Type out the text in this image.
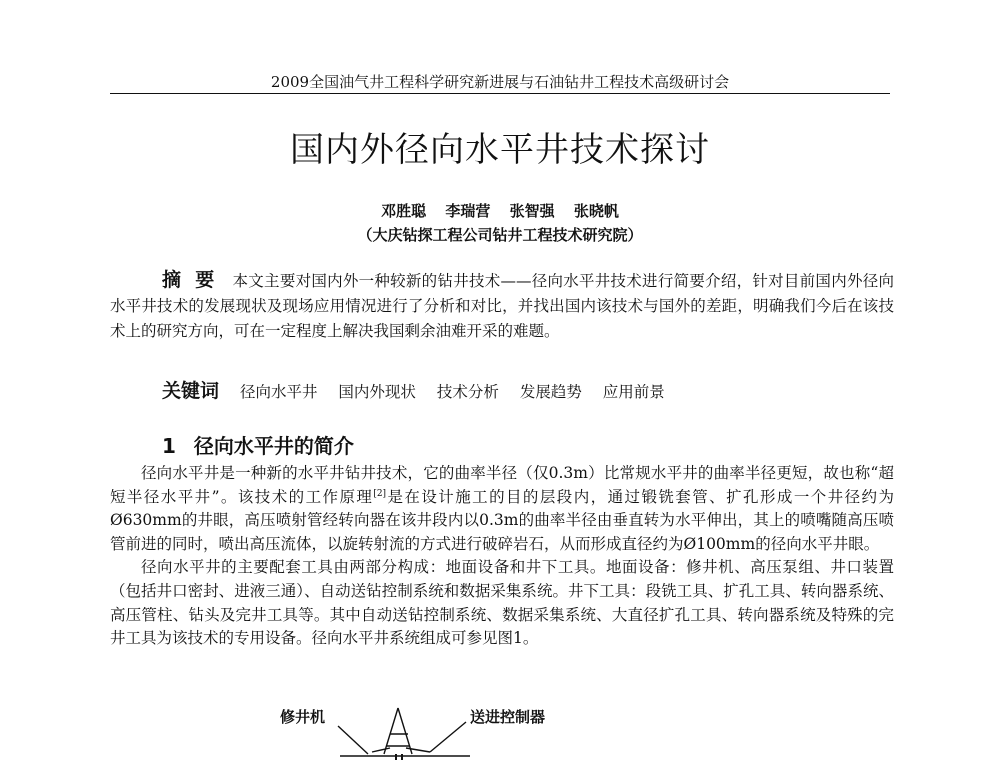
2009全国油气井工程科学研究新进展与石油钻井工程技术高级研讨会
国内外径向水平井技术探讨
邓胜聪 李瑞营 张智强 张晓帆
（大庆钻探工程公司钻井工程技术研究院）
摘要 本文主要对国内外一种较新的钻井技术——径向水平井技术进行简要介绍，针对目前国内外径向水平井技术的发展现状及现场应用情况进行了分析和对比，并找出国内该技术与国外的差距，明确我们今后在该技术上的研究方向，可在一定程度上解决我国剩余油难开采的难题。
关键词 径向水平井 国内外现状 技术分析 发展趋势 应用前景
1 径向水平井的简介

径向水平井是一种新的水平井钻井技术，它的曲率半径（仅0.3m）比常规水平井的曲率半径更短，故也称“超短半径水平井”。该技术的工作原理[2]是在设计施工的目的层段内，通过锻铣套管、扩孔形成一个井径约为Ø630mm的井眼，高压喷射管经转向器在该井段内以0.3m的曲率半径由垂直转为水平伸出，其上的喷嘴随高压喷管前进的同时，喷出高压流体，以旋转射流的方式进行破碎岩石，从而形成直径约为Ø100mm的径向水平井眼。

径向水平井的主要配套工具由两部分构成：地面设备和井下工具。地面设备：修井机、高压泵组、井口装置（包括井口密封、进液三通）、自动送钻控制系统和数据采集系统。井下工具：段铣工具、扩孔工具、转向器系统、高压管柱、钻头及完井工具等。其中自动送钻控制系统、数据采集系统、大直径扩孔工具、转向器系统及特殊的完井工具为该技术的专用设备。径向水平井系统组成可参见图1。

修井机	送进控制器
